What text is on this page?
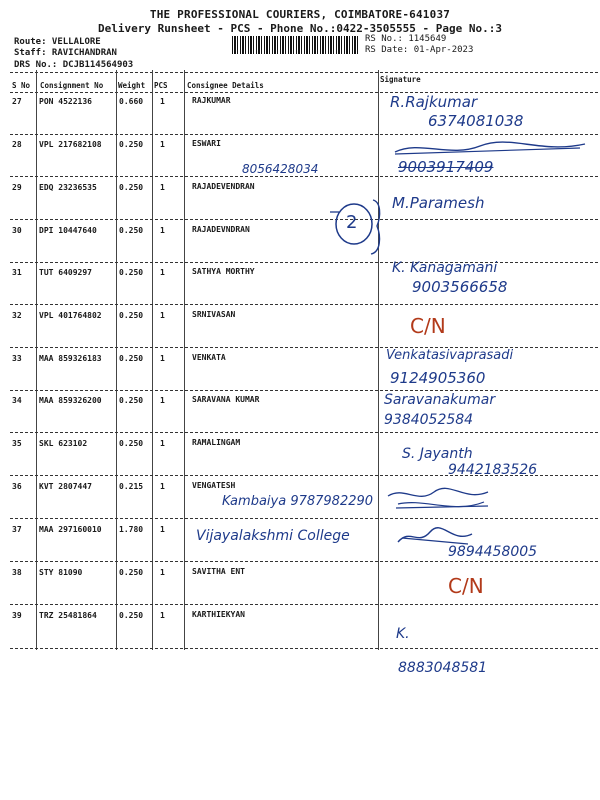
THE PROFESSIONAL COURIERS, COIMBATORE-641037
Delivery Runsheet - PCS - Phone No.:0422-3505555 - Page No.:3
Route: VELLALORE
Staff: RAVICHANDRAN
DRS No.: DCJB114564903
RS No.: 1145649
RS Date: 01-Apr-2023
S No Consignment No Weight PCS	Consignee Details
Signature
27 PON 4522136	0.660 1	RAJKUMAR	R.Rajkumar
6374081038
28 VPL 217682108 0.250 1	ESWARI
8056428034	9003917409
29 EDQ 23236535	0.250 1	RAJADEVENDRAN
M.Paramesh
30 DPI 10447640	0.250 1	RAJADEVNDRAN	2
31 TUT 6409297	0.250 1	SATHYA MORTHY	K. Kanagamani
9003566658
32 VPL 401764802 0.250 1	SRNIVASAN	C/N
33 MAA 859326183 0.250 1	VENKATA	Venkatasivaprasadi
9124905360
34 MAA 859326200 0.250 1	SARAVANA KUMAR	Saravanakumar
9384052584
35 SKL 623102	0.250 1	RAMALINGAM
S. Jayanth
9442183526
36 KVT 2807447	0.215 1	VENGATESH
Kambaiya 9787982290
37 MAA 297160010 1.780 1 Vijayalakshmi College
9894458005
38 STY 81090	0.250 1	SAVITHA ENT
C/N
39 TRZ 25481864	0.250 1	KARTHIEKYAN
K.
8883048581
